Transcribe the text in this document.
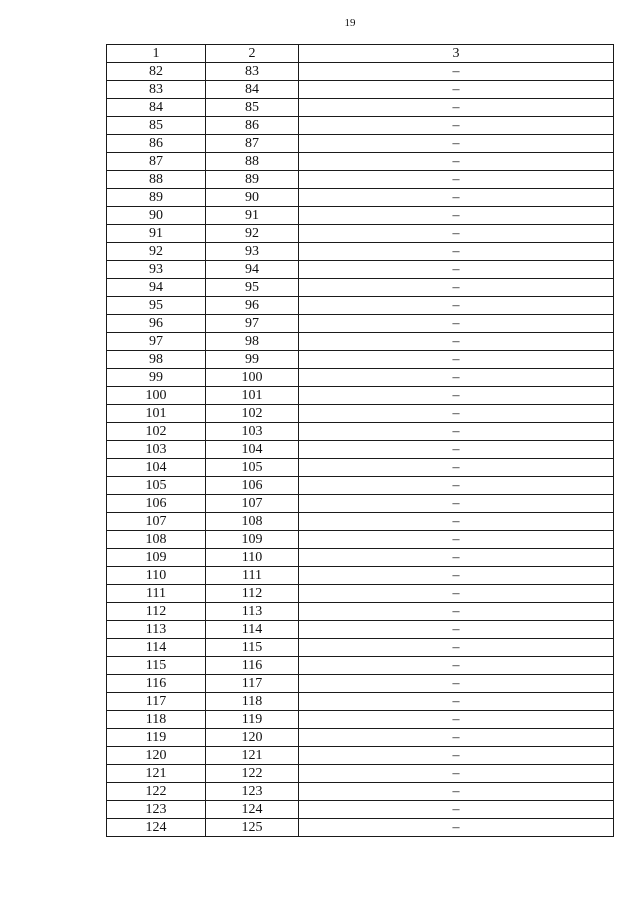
19
1	2	3
82	83	–
83	84	–
84	85	–
85	86	–
86	87	–
87	88	–
88	89	–
89	90	–
90	91	–
91	92	–
92	93	–
93	94	–
94	95	–
95	96	–
96	97	–
97	98	–
98	99	–
99	100	–
100	101	–
101	102	–
102	103	–
103	104	–
104	105	–
105	106	–
106	107	–
107	108	–
108	109	–
109	110	–
110	111	–
111	112	–
112	113	–
113	114	–
114	115	–
115	116	–
116	117	–
117	118	–
118	119	–
119	120	–
120	121	–
121	122	–
122	123	–
123	124	–
124	125	–
